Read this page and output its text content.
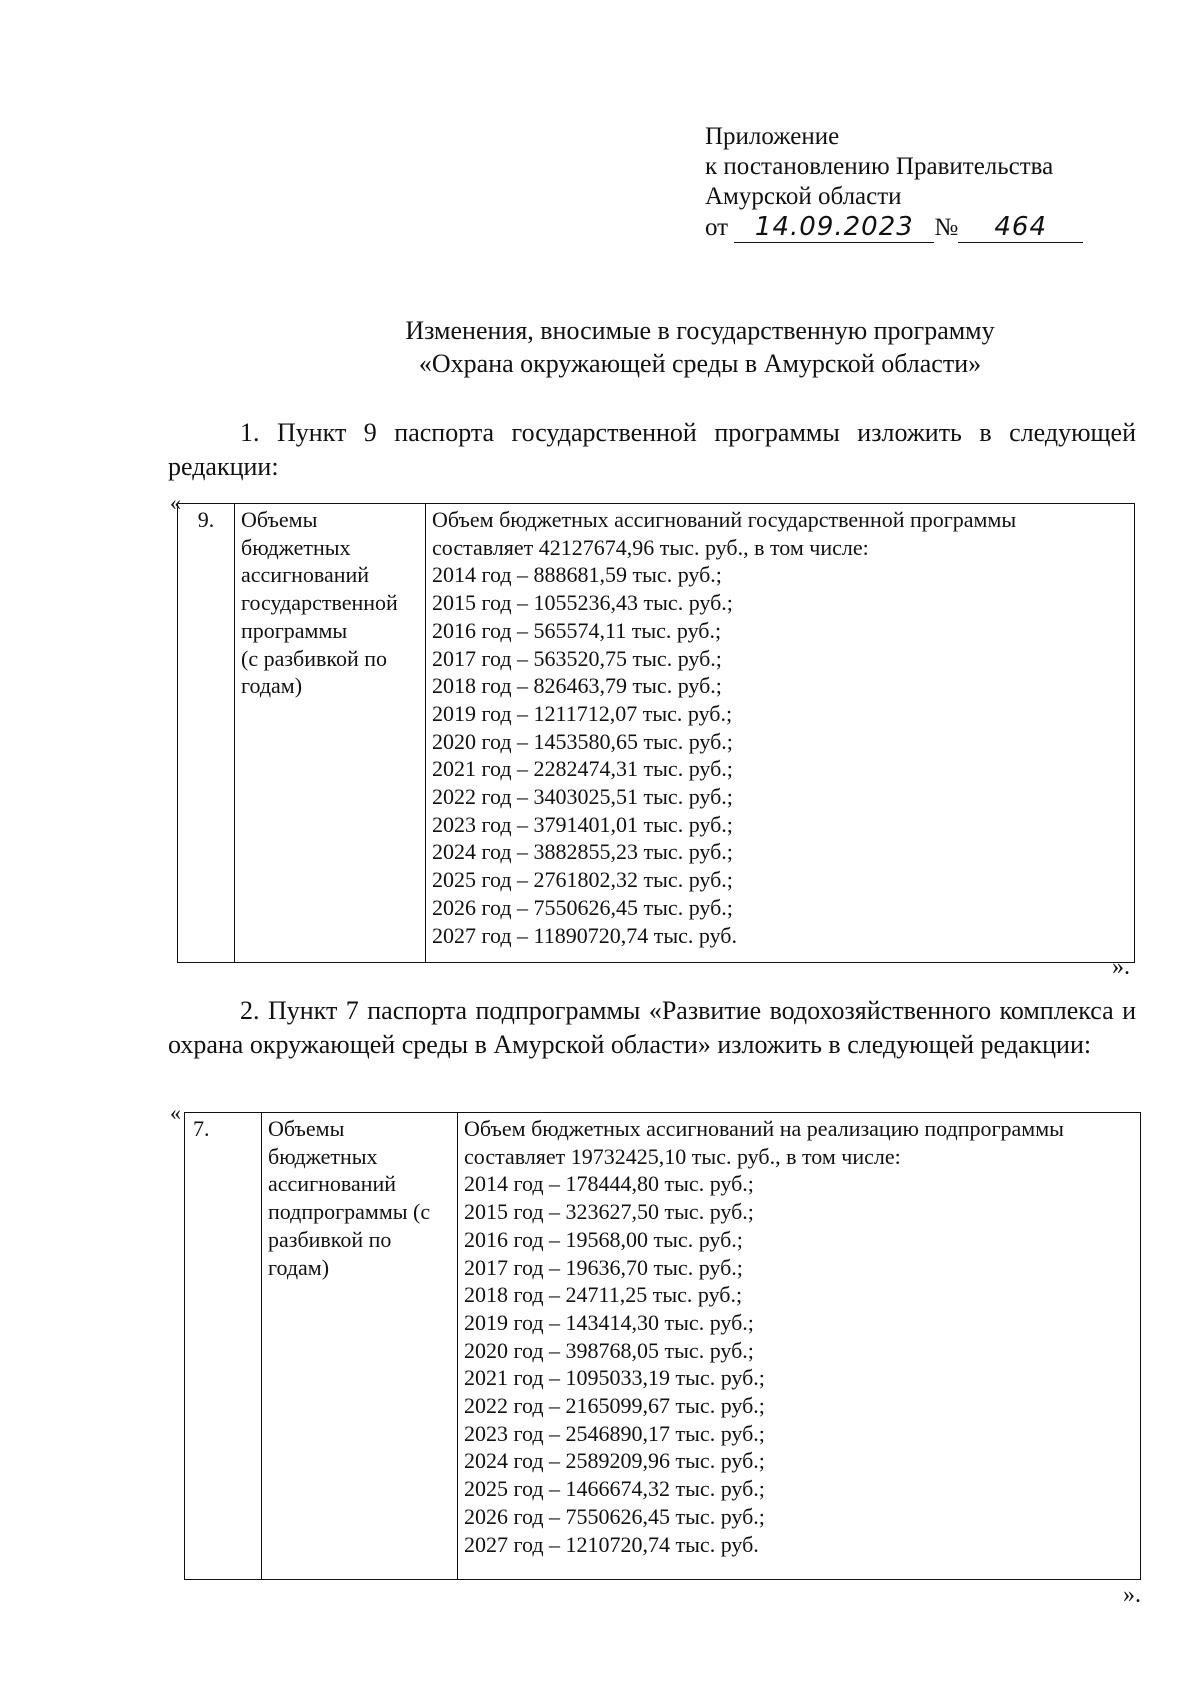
Приложение
к постановлению Правительства
Амурской области
от 14.09.2023 № 464
Изменения, вносимые в государственную программу
«Охрана окружающей среды в Амурской области»
1. Пункт 9 паспорта государственной программы изложить в следующей редакции:
«
9.	Объемы
бюджетных
ассигнований
государственной
программы
(с разбивкой по
годам)

Объем бюджетных ассигнований государственной программы
составляет 42127674,96 тыс. руб., в том числе:
2014 год – 888681,59 тыс. руб.;
2015 год – 1055236,43 тыс. руб.;
2016 год – 565574,11 тыс. руб.;
2017 год – 563520,75 тыс. руб.;
2018 год – 826463,79 тыс. руб.;
2019 год – 1211712,07 тыс. руб.;
2020 год – 1453580,65 тыс. руб.;
2021 год – 2282474,31 тыс. руб.;
2022 год – 3403025,51 тыс. руб.;
2023 год – 3791401,01 тыс. руб.;
2024 год – 3882855,23 тыс. руб.;
2025 год – 2761802,32 тыс. руб.;
2026 год – 7550626,45 тыс. руб.;
2027 год – 11890720,74 тыс. руб.
».
2. Пункт 7 паспорта подпрограммы «Развитие водохозяйственного комплекса и охрана окружающей среды в Амурской области» изложить в следующей редакции:
«
7.	Объемы
бюджетных
ассигнований
подпрограммы (с
разбивкой по
годам)

Объем бюджетных ассигнований на реализацию подпрограммы
составляет 19732425,10 тыс. руб., в том числе:
2014 год – 178444,80 тыс. руб.;
2015 год – 323627,50 тыс. руб.;
2016 год – 19568,00 тыс. руб.;
2017 год – 19636,70 тыс. руб.;
2018 год – 24711,25 тыс. руб.;
2019 год – 143414,30 тыс. руб.;
2020 год – 398768,05 тыс. руб.;
2021 год – 1095033,19 тыс. руб.;
2022 год – 2165099,67 тыс. руб.;
2023 год – 2546890,17 тыс. руб.;
2024 год – 2589209,96 тыс. руб.;
2025 год – 1466674,32 тыс. руб.;
2026 год – 7550626,45 тыс. руб.;
2027 год – 1210720,74 тыс. руб.
».
